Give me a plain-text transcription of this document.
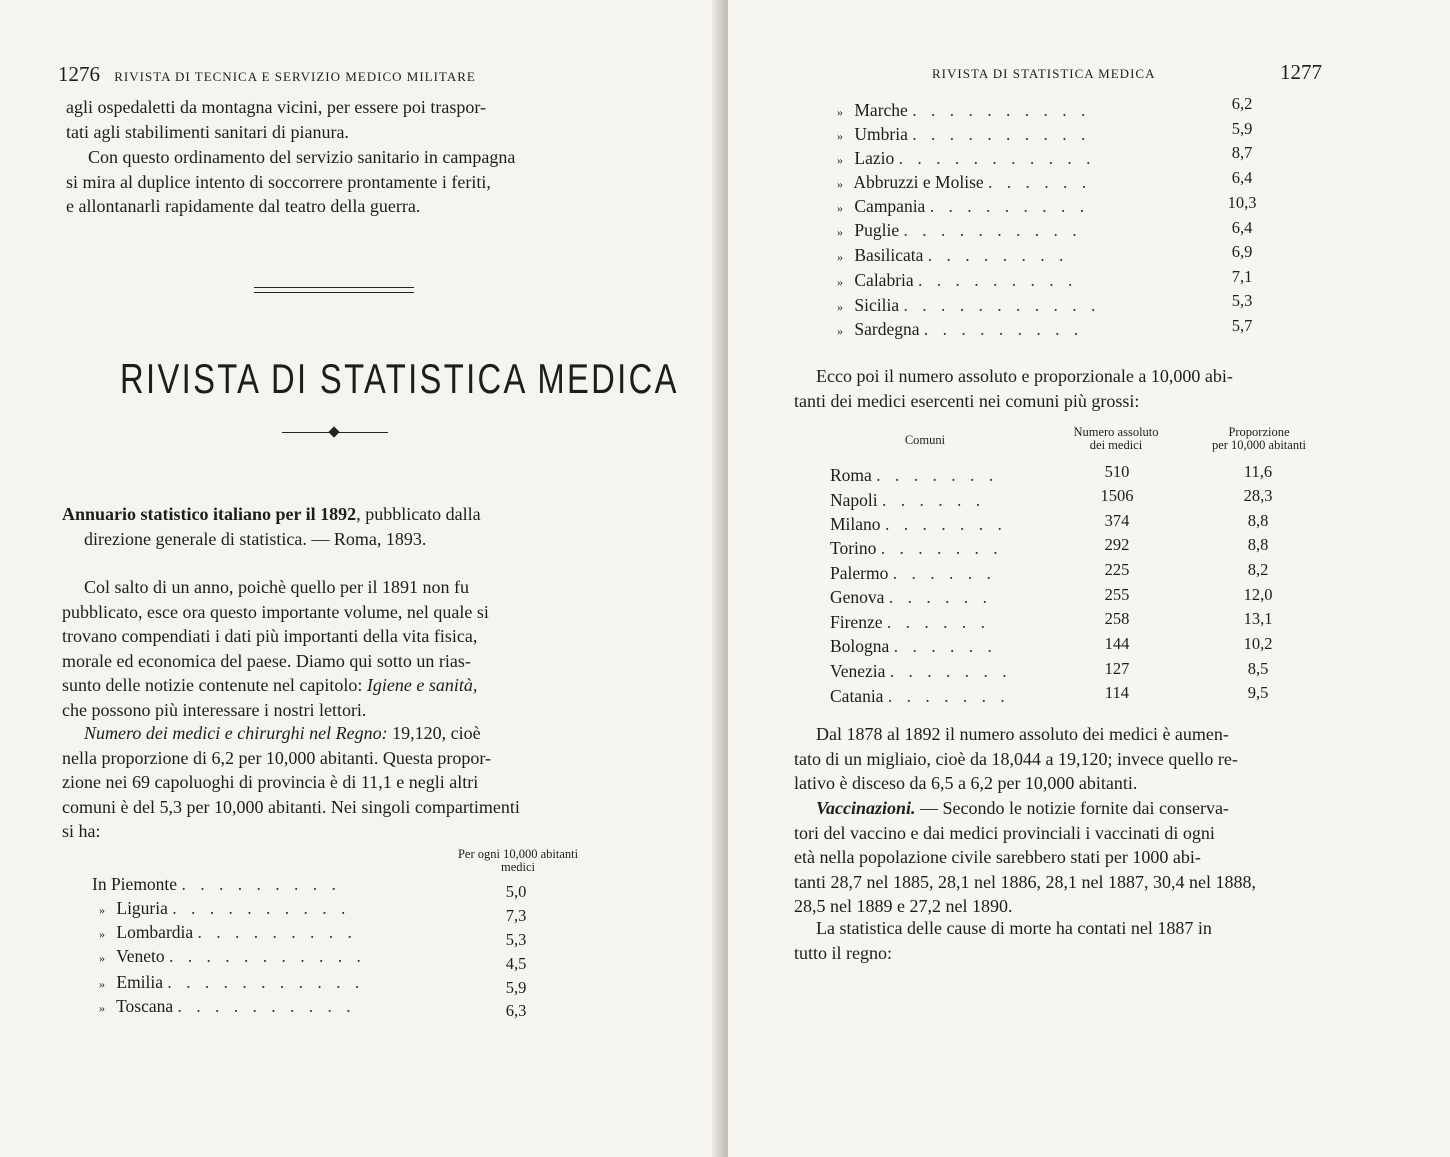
1276 RIVISTA DI TECNICA E SERVIZIO MEDICO MILITARE

agli ospedaletti da montagna vicini, per essere poi traspor-
tati agli stabilimenti sanitari di pianura.

Con questo ordinamento del servizio sanitario in campagna
si mira al duplice intento di soccorrere prontamente i feriti,
e allontanarli rapidamente dal teatro della guerra.

RIVISTA DI STATISTICA MEDICA

Annuario statistico italiano per il 1892, pubblicato dalla
direzione generale di statistica. — Roma, 1893.

Col salto di un anno, poichè quello per il 1891 non fu
pubblicato, esce ora questo importante volume, nel quale si
trovano compendiati i dati più importanti della vita fisica,
morale ed economica del paese. Diamo qui sotto un rias-
sunto delle notizie contenute nel capitolo: Igiene e sanità,
che possono più interessare i nostri lettori.

Numero dei medici e chirurghi nel Regno: 19,120, cioè
nella proporzione di 6,2 per 10,000 abitanti. Questa propor-
zione nei 69 capoluoghi di provincia è di 11,1 e negli altri
comuni è del 5,3 per 10,000 abitanti. Nei singoli compartimenti
si ha:

Per ogni 10,000 abitanti
medici
In Piemonte . . . . . . . . .	5,0
» Liguria . . . . . . . . . .	7,3
» Lombardia . . . . . . . . .	5,3
» Veneto . . . . . . . . . . .	4,5
» Emilia . . . . . . . . . . .	5,9
» Toscana . . . . . . . . . .	6,3
RIVISTA DI STATISTICA MEDICA	1277
» Marche . . . . . . . . . .	6,2
» Umbria . . . . . . . . . .	5,9
» Lazio . . . . . . . . . . .	8,7
» Abbruzzi e Molise . . . . . .	6,4
» Campania . . . . . . . . .	10,3
» Puglie . . . . . . . . . .	6,4
» Basilicata . . . . . . . .	6,9
» Calabria . . . . . . . . .	7,1
» Sicilia . . . . . . . . . . .	5,3
» Sardegna . . . . . . . . .	5,7

Ecco poi il numero assoluto e proporzionale a 10,000 abi-
tanti dei medici esercenti nei comuni più grossi:

Comuni
Numero assoluto
dei medici
Proporzione
per 10,000 abitanti
Roma . . . . . . .	510	11,6
Napoli . . . . . .	1506	28,3
Milano . . . . . . .	374	8,8
Torino . . . . . . .	292	8,8
Palermo . . . . . .	225	8,2
Genova . . . . . .	255	12,0
Firenze . . . . . .	258	13,1
Bologna . . . . . .	144	10,2
Venezia . . . . . . .	127	8,5
Catania . . . . . . .	114	9,5

Dal 1878 al 1892 il numero assoluto dei medici è aumen-
tato di un migliaio, cioè da 18,044 a 19,120; invece quello re-
lativo è disceso da 6,5 a 6,2 per 10,000 abitanti.

Vaccinazioni. — Secondo le notizie fornite dai conserva-
tori del vaccino e dai medici provinciali i vaccinati di ogni
età nella popolazione civile sarebbero stati per 1000 abi-
tanti 28,7 nel 1885, 28,1 nel 1886, 28,1 nel 1887, 30,4 nel 1888,
28,5 nel 1889 e 27,2 nel 1890.

La statistica delle cause di morte ha contati nel 1887 in
tutto il regno:
